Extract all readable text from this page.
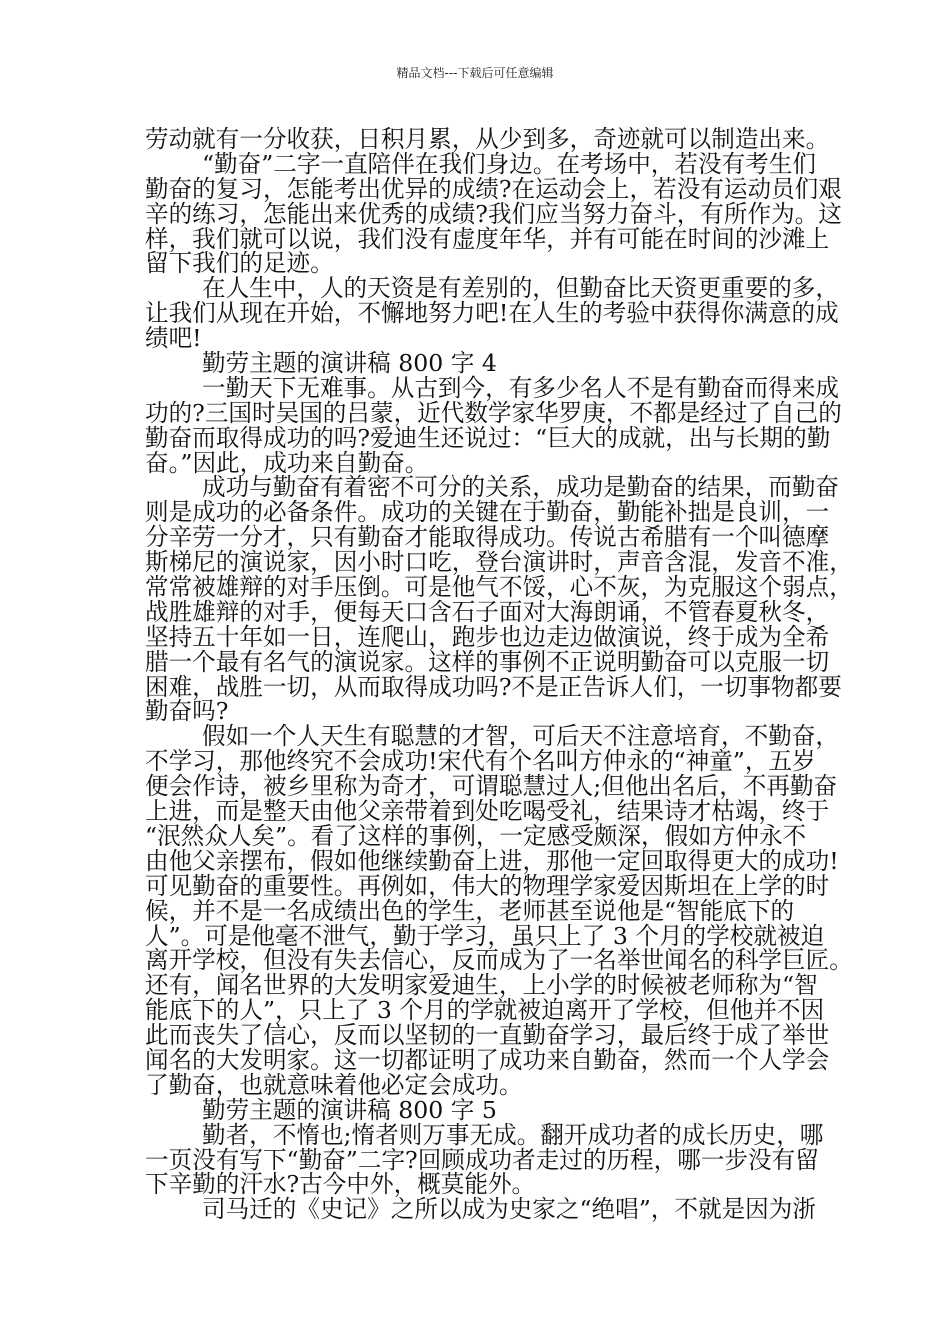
精品文档---下载后可任意编辑
劳动就有一分收获，日积月累，从少到多，奇迹就可以制造出来。
“勤奋”二字一直陪伴在我们身边。在考场中，若没有考生们
勤奋的复习，怎能考出优异的成绩?在运动会上，若没有运动员们艰
辛的练习，怎能出来优秀的成绩?我们应当努力奋斗，有所作为。这
样，我们就可以说，我们没有虚度年华，并有可能在时间的沙滩上
留下我们的足迹。
在人生中，人的天资是有差别的，但勤奋比天资更重要的多，
让我们从现在开始，不懈地努力吧!在人生的考验中获得你满意的成
绩吧!
勤劳主题的演讲稿 800 字 4
一勤天下无难事。从古到今，有多少名人不是有勤奋而得来成
功的?三国时吴国的吕蒙，近代数学家华罗庚，不都是经过了自己的
勤奋而取得成功的吗?爱迪生还说过：“巨大的成就，出与长期的勤
奋。”因此，成功来自勤奋。
成功与勤奋有着密不可分的关系，成功是勤奋的结果，而勤奋
则是成功的必备条件。成功的关键在于勤奋，勤能补拙是良训，一
分辛劳一分才，只有勤奋才能取得成功。传说古希腊有一个叫德摩
斯梯尼的演说家，因小时口吃，登台演讲时，声音含混，发音不准，
常常被雄辩的对手压倒。可是他气不馁，心不灰，为克服这个弱点，
战胜雄辩的对手，便每天口含石子面对大海朗诵，不管春夏秋冬，
坚持五十年如一日，连爬山，跑步也边走边做演说，终于成为全希
腊一个最有名气的演说家。这样的事例不正说明勤奋可以克服一切
困难，战胜一切，从而取得成功吗?不是正告诉人们，一切事物都要
勤奋吗?
假如一个人天生有聪慧的才智，可后天不注意培育，不勤奋，
不学习，那他终究不会成功!宋代有个名叫方仲永的“神童”，五岁
便会作诗，被乡里称为奇才，可谓聪慧过人;但他出名后，不再勤奋
上进，而是整天由他父亲带着到处吃喝受礼，结果诗才枯竭，终于
“泯然众人矣”。看了这样的事例，一定感受颇深，假如方仲永不
由他父亲摆布，假如他继续勤奋上进，那他一定回取得更大的成功!
可见勤奋的重要性。再例如，伟大的物理学家爱因斯坦在上学的时
候，并不是一名成绩出色的学生，老师甚至说他是“智能底下的
人”。可是他毫不泄气，勤于学习，虽只上了 3 个月的学校就被迫
离开学校，但没有失去信心，反而成为了一名举世闻名的科学巨匠。
还有，闻名世界的大发明家爱迪生，上小学的时候被老师称为“智
能底下的人”，只上了 3 个月的学就被迫离开了学校，但他并不因
此而丧失了信心，反而以坚韧的一直勤奋学习，最后终于成了举世
闻名的大发明家。这一切都证明了成功来自勤奋，然而一个人学会
了勤奋，也就意味着他必定会成功。
勤劳主题的演讲稿 800 字 5
勤者，不惰也;惰者则万事无成。翻开成功者的成长历史，哪
一页没有写下“勤奋”二字?回顾成功者走过的历程，哪一步没有留
下辛勤的汗水?古今中外，概莫能外。
司马迁的《史记》之所以成为史家之“绝唱”，不就是因为浙
